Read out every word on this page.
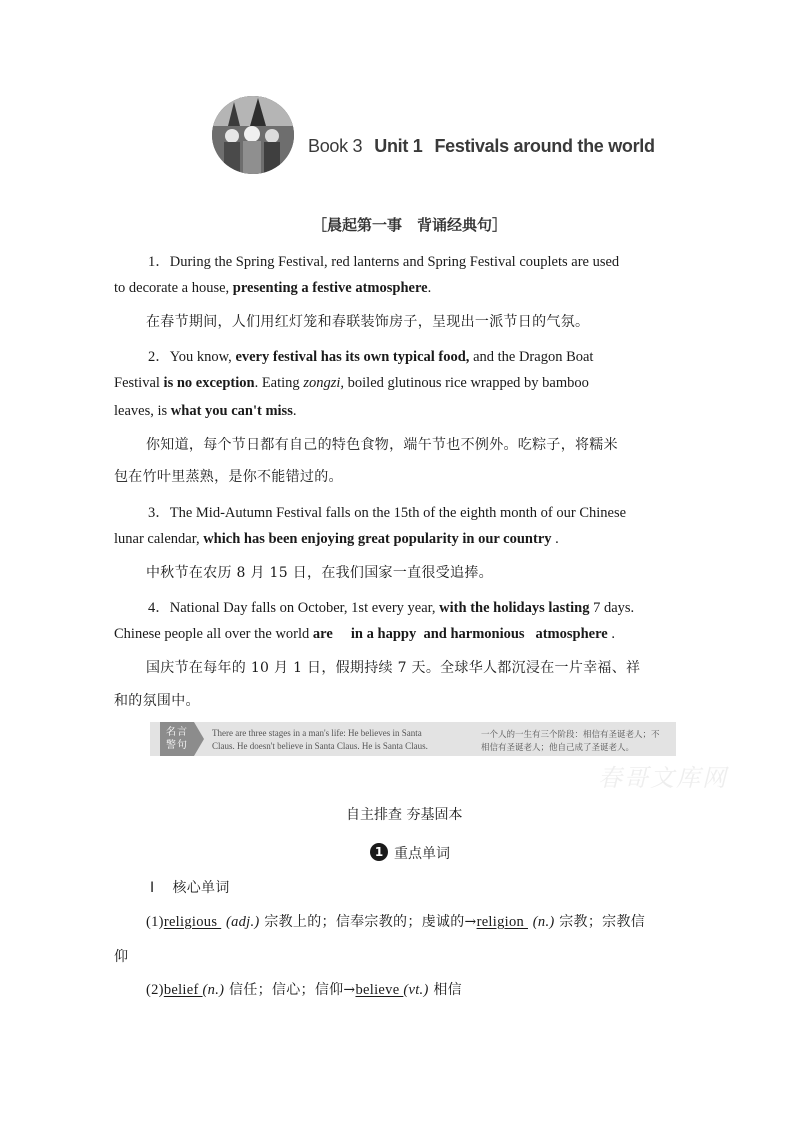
Book 3 Unit 1 Festivals around the world
［晨起第一事　背诵经典句］
1．During the Spring Festival, red lanterns and Spring Festival couplets are used
to decorate a house, presenting a festive atmosphere.
在春节期间，人们用红灯笼和春联装饰房子，呈现出一派节日的气氛。
2．You know, every festival has its own typical food, and the Dragon Boat
Festival is no exception. Eating zongzi, boiled glutinous rice wrapped by bamboo
leaves, is what you can't miss.
你知道，每个节日都有自己的特色食物，端午节也不例外。吃粽子，将糯米
包在竹叶里蒸熟，是你不能错过的。
3．The Mid-Autumn Festival falls on the 15th of the eighth month of our Chinese
lunar calendar, which has been enjoying great popularity in our country .
中秋节在农历 8 月 15 日，在我们国家一直很受追捧。
4．National Day falls on October, 1st every year, with the holidays lasting 7 days.
Chinese people all over the world are     in a happy  and harmonious   atmosphere .
国庆节在每年的 10 月 1 日，假期持续 7 天。全球华人都沉浸在一片幸福、祥
和的氛围中。
名言
警句
There are three stages in a man's life: He believes in Santa
Claus. He doesn't believe in Santa Claus. He is Santa Claus.
一个人的一生有三个阶段：相信有圣诞老人；不
相信有圣诞老人；他自己成了圣诞老人。
春哥文库网
自主排查 夯基固本
1 重点单词
Ⅰ 核心单词
(1)religious  (adj.) 宗教上的；信奉宗教的；虔诚的→religion  (n.) 宗教；宗教信
仰
(2)belief (n.) 信任；信心；信仰→believe (vt.) 相信
